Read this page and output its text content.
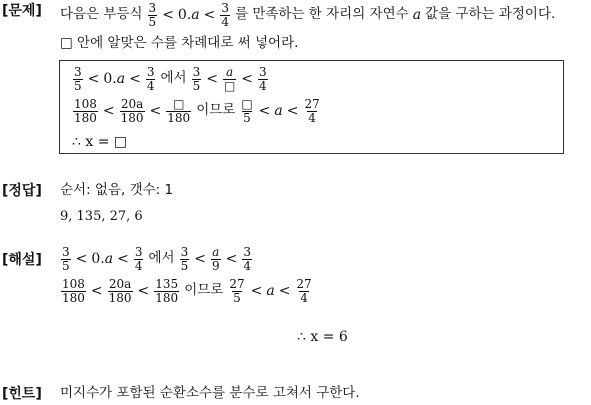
[문제] 다음은 부등식 $\frac{3}{5} < 0.a < \frac{3}{4}$ 를 만족하는 한 자리의 자연수 a 값을 구하는 과정이다.
□ 안에 알맞은 수를 차례대로 써 넣어라.
$\frac{3}{5} < 0.a < \frac{3}{4}$ 에서 $\frac{3}{5} < \frac{a}{□} < \frac{3}{4}$
$\frac{108}{180} < \frac{20a}{180} < \frac{□}{180}$ 이므로 $\frac{□}{5} < a < \frac{27}{4}$
∴ x = □
[정답] 순서: 없음, 갯수: 1
9, 135, 27, 6
[해설] $\frac{3}{5} < 0.a < \frac{3}{4}$ 에서 $\frac{3}{5} < \frac{a}{9} < \frac{3}{4}$
$\frac{108}{180} < \frac{20a}{180} < \frac{135}{180}$ 이므로 $\frac{27}{5} < a < \frac{27}{4}$
∴ x = 6
[힌트] 미지수가 포함된 순환소수를 분수로 고쳐서 구한다.
